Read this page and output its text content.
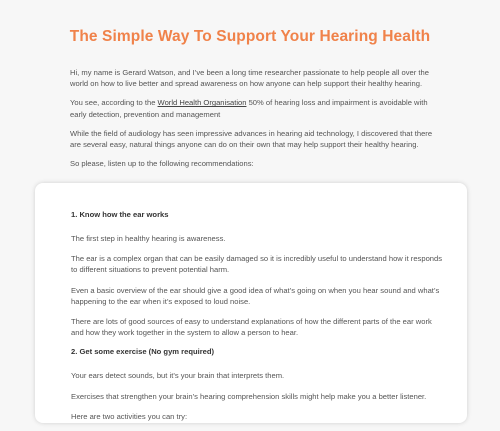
The Simple Way To Support Your Hearing Health

Hi, my name is Gerard Watson, and I’ve been a long time researcher passionate to help people all over the world on how to live better and spread awareness on how anyone can help support their healthy hearing.

You see, according to the World Health Organisation 50% of hearing loss and impairment is avoidable with early detection, prevention and management

While the field of audiology has seen impressive advances in hearing aid technology, I discovered that there are several easy, natural things anyone can do on their own that may help support their healthy hearing.

So please, listen up to the following recommendations:

1. Know how the ear works

The first step in healthy hearing is awareness.

The ear is a complex organ that can be easily damaged so it is incredibly useful to understand how it responds to different situations to prevent potential harm.

Even a basic overview of the ear should give a good idea of what’s going on when you hear sound and what’s happening to the ear when it’s exposed to loud noise.

There are lots of good sources of easy to understand explanations of how the different parts of the ear work and how they work together in the system to allow a person to hear.

2. Get some exercise (No gym required)

Your ears detect sounds, but it’s your brain that interprets them.

Exercises that strengthen your brain’s hearing comprehension skills might help make you a better listener.

Here are two activities you can try:
